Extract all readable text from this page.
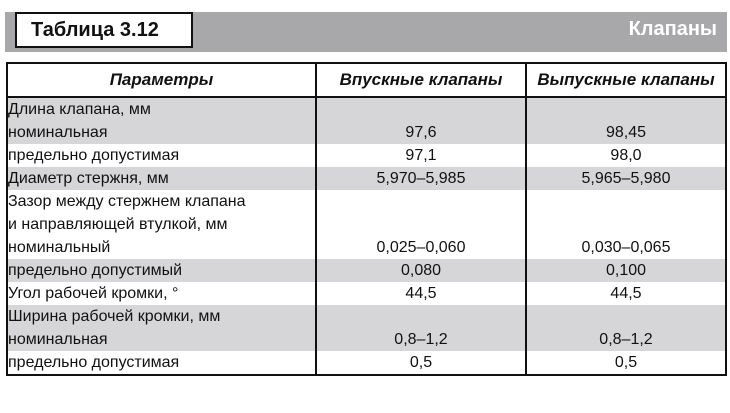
Таблица 3.12	Клапаны
Параметры	Впускные клапаны	Выпускные клапаны
Длина клапана, мм		
номинальная	97,6	98,45
предельно допустимая	97,1	98,0
Диаметр стержня, мм	5,970–5,985	5,965–5,980
Зазор между стержнем клапана		
и направляющей втулкой, мм		
номинальный	0,025–0,060	0,030–0,065
предельно допустимый	0,080	0,100
Угол рабочей кромки, °	44,5	44,5
Ширина рабочей кромки, мм		
номинальная	0,8–1,2	0,8–1,2
предельно допустимая	0,5	0,5
